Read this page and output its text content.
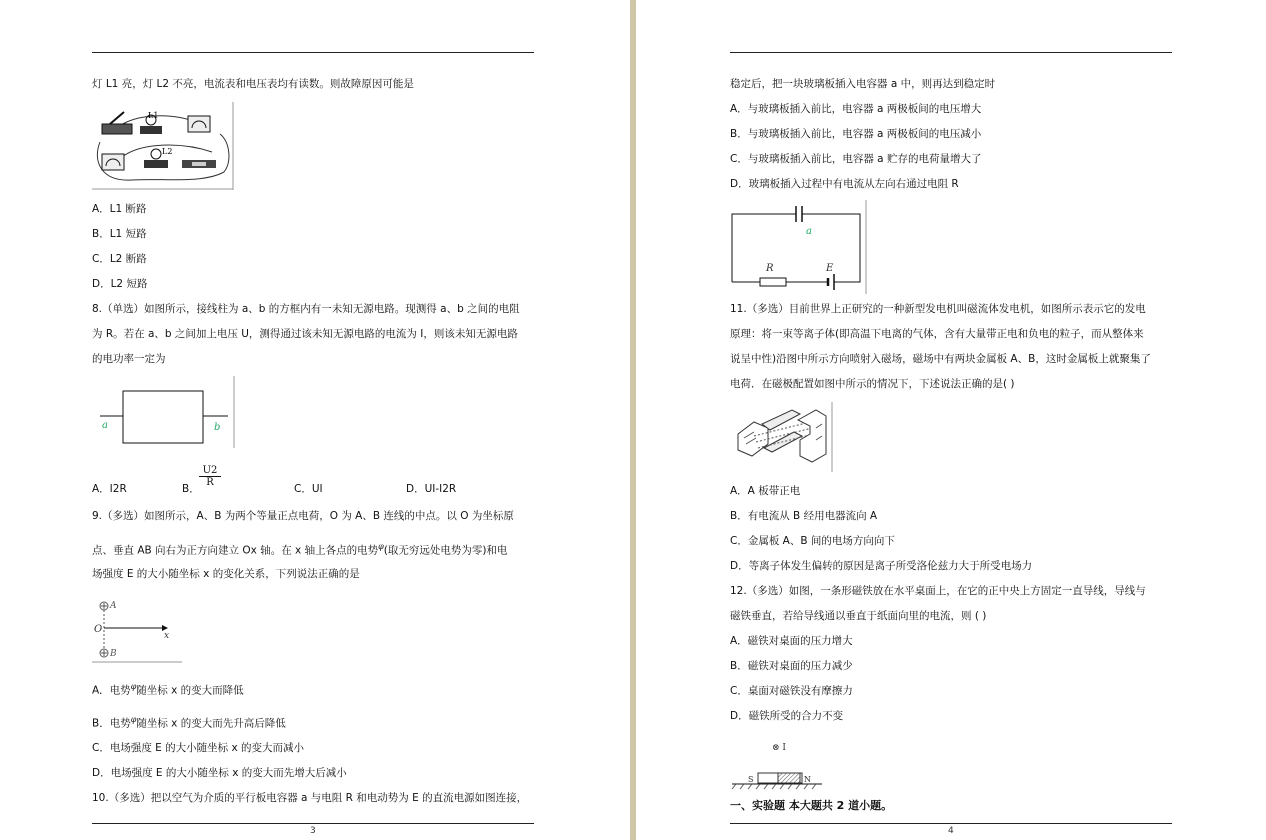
灯 L1 亮，灯 L2 不亮，电流表和电压表均有读数。则故障原因可能是
L1
L2
A．L1 断路
B．L1 短路
C．L2 断路
D．L2 短路
8.（单选）如图所示，接线柱为 a、b 的方框内有一未知无源电路。现测得 a、b 之间的电阻
为 R。若在 a、b 之间加上电压 U，测得通过该未知无源电路的电流为 I，则该未知无源电路
的电功率一定为
a	b
A．I2R	B．
$\frac{U2}{R}$
C．UI	D．UI-I2R
9.（多选）如图所示，A、B 为两个等量正点电荷，O 为 A、B 连线的中点。以 O 为坐标原
点、垂直 AB 向右为正方向建立 Ox 轴。在 x 轴上各点的电势$^\varphi$(取无穷远处电势为零)和电
场强度 E 的大小随坐标 x 的变化关系，下列说法正确的是
A
O
x
B
A．电势$^\varphi$随坐标 x 的变大而降低
B．电势$^\varphi$随坐标 x 的变大而先升高后降低
C．电场强度 E 的大小随坐标 x 的变大而减小
D．电场强度 E 的大小随坐标 x 的变大而先增大后减小
10.（多选）把以空气为介质的平行板电容器 a 与电阻 R 和电动势为 E 的直流电源如图连接，
3
稳定后，把一块玻璃板插入电容器 a 中，则再达到稳定时
A．与玻璃板插入前比，电容器 a 两极板间的电压增大
B．与玻璃板插入前比，电容器 a 两极板间的电压减小
C．与玻璃板插入前比，电容器 a 贮存的电荷量增大了
D．玻璃板插入过程中有电流从左向右通过电阻 R
a
R	E
11.（多选）目前世界上正研究的一种新型发电机叫磁流体发电机，如图所示表示它的发电
原理：将一束等离子体(即高温下电离的气体，含有大量带正电和负电的粒子，而从整体来
说呈中性)沿图中所示方向喷射入磁场，磁场中有两块金属板 A、B，这时金属板上就聚集了
电荷．在磁极配置如图中所示的情况下，下述说法正确的是( )
A．A 板带正电
B．有电流从 B 经用电器流向 A
C．金属板 A、B 间的电场方向向下
D．等离子体发生偏转的原因是离子所受洛伦兹力大于所受电场力
12.（多选）如图，一条形磁铁放在水平桌面上，在它的正中央上方固定一直导线，导线与
磁铁垂直，若给导线通以垂直于纸面向里的电流，则 ( )
A．磁铁对桌面的压力增大
B．磁铁对桌面的压力减少
C．桌面对磁铁没有摩擦力
D．磁铁所受的合力不变
⊗ I
S	N
一、实验题 本大题共 2 道小题。
4
